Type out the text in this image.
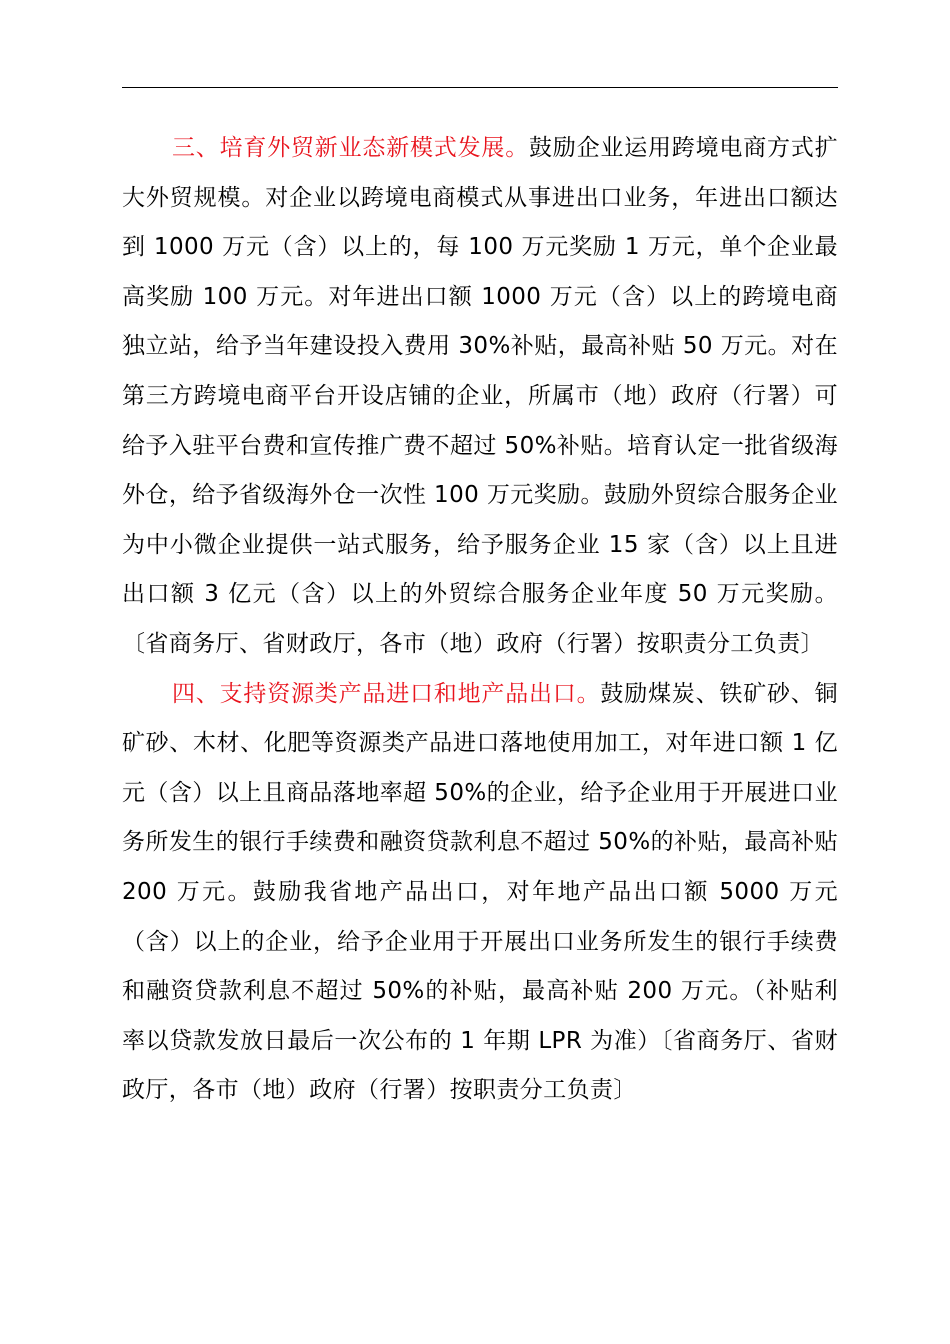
三、培育外贸新业态新模式发展。鼓励企业运用跨境电商方式扩大外贸规模。对企业以跨境电商模式从事进出口业务，年进出口额达到 1000 万元（含）以上的，每 100 万元奖励 1 万元，单个企业最高奖励 100 万元。对年进出口额 1000 万元（含）以上的跨境电商独立站，给予当年建设投入费用 30%补贴，最高补贴 50 万元。对在第三方跨境电商平台开设店铺的企业，所属市（地）政府（行署）可给予入驻平台费和宣传推广费不超过 50%补贴。培育认定一批省级海外仓，给予省级海外仓一次性 100 万元奖励。鼓励外贸综合服务企业为中小微企业提供一站式服务，给予服务企业 15 家（含）以上且进出口额 3 亿元（含）以上的外贸综合服务企业年度 50 万元奖励。〔省商务厅、省财政厅，各市（地）政府（行署）按职责分工负责〕

四、支持资源类产品进口和地产品出口。鼓励煤炭、铁矿砂、铜矿砂、木材、化肥等资源类产品进口落地使用加工，对年进口额 1 亿元（含）以上且商品落地率超 50%的企业，给予企业用于开展进口业务所发生的银行手续费和融资贷款利息不超过 50%的补贴，最高补贴 200 万元。鼓励我省地产品出口，对年地产品出口额 5000 万元（含）以上的企业，给予企业用于开展出口业务所发生的银行手续费和融资贷款利息不超过 50%的补贴，最高补贴 200 万元。（补贴利率以贷款发放日最后一次公布的 1 年期 LPR 为准）〔省商务厅、省财政厅，各市（地）政府（行署）按职责分工负责〕
